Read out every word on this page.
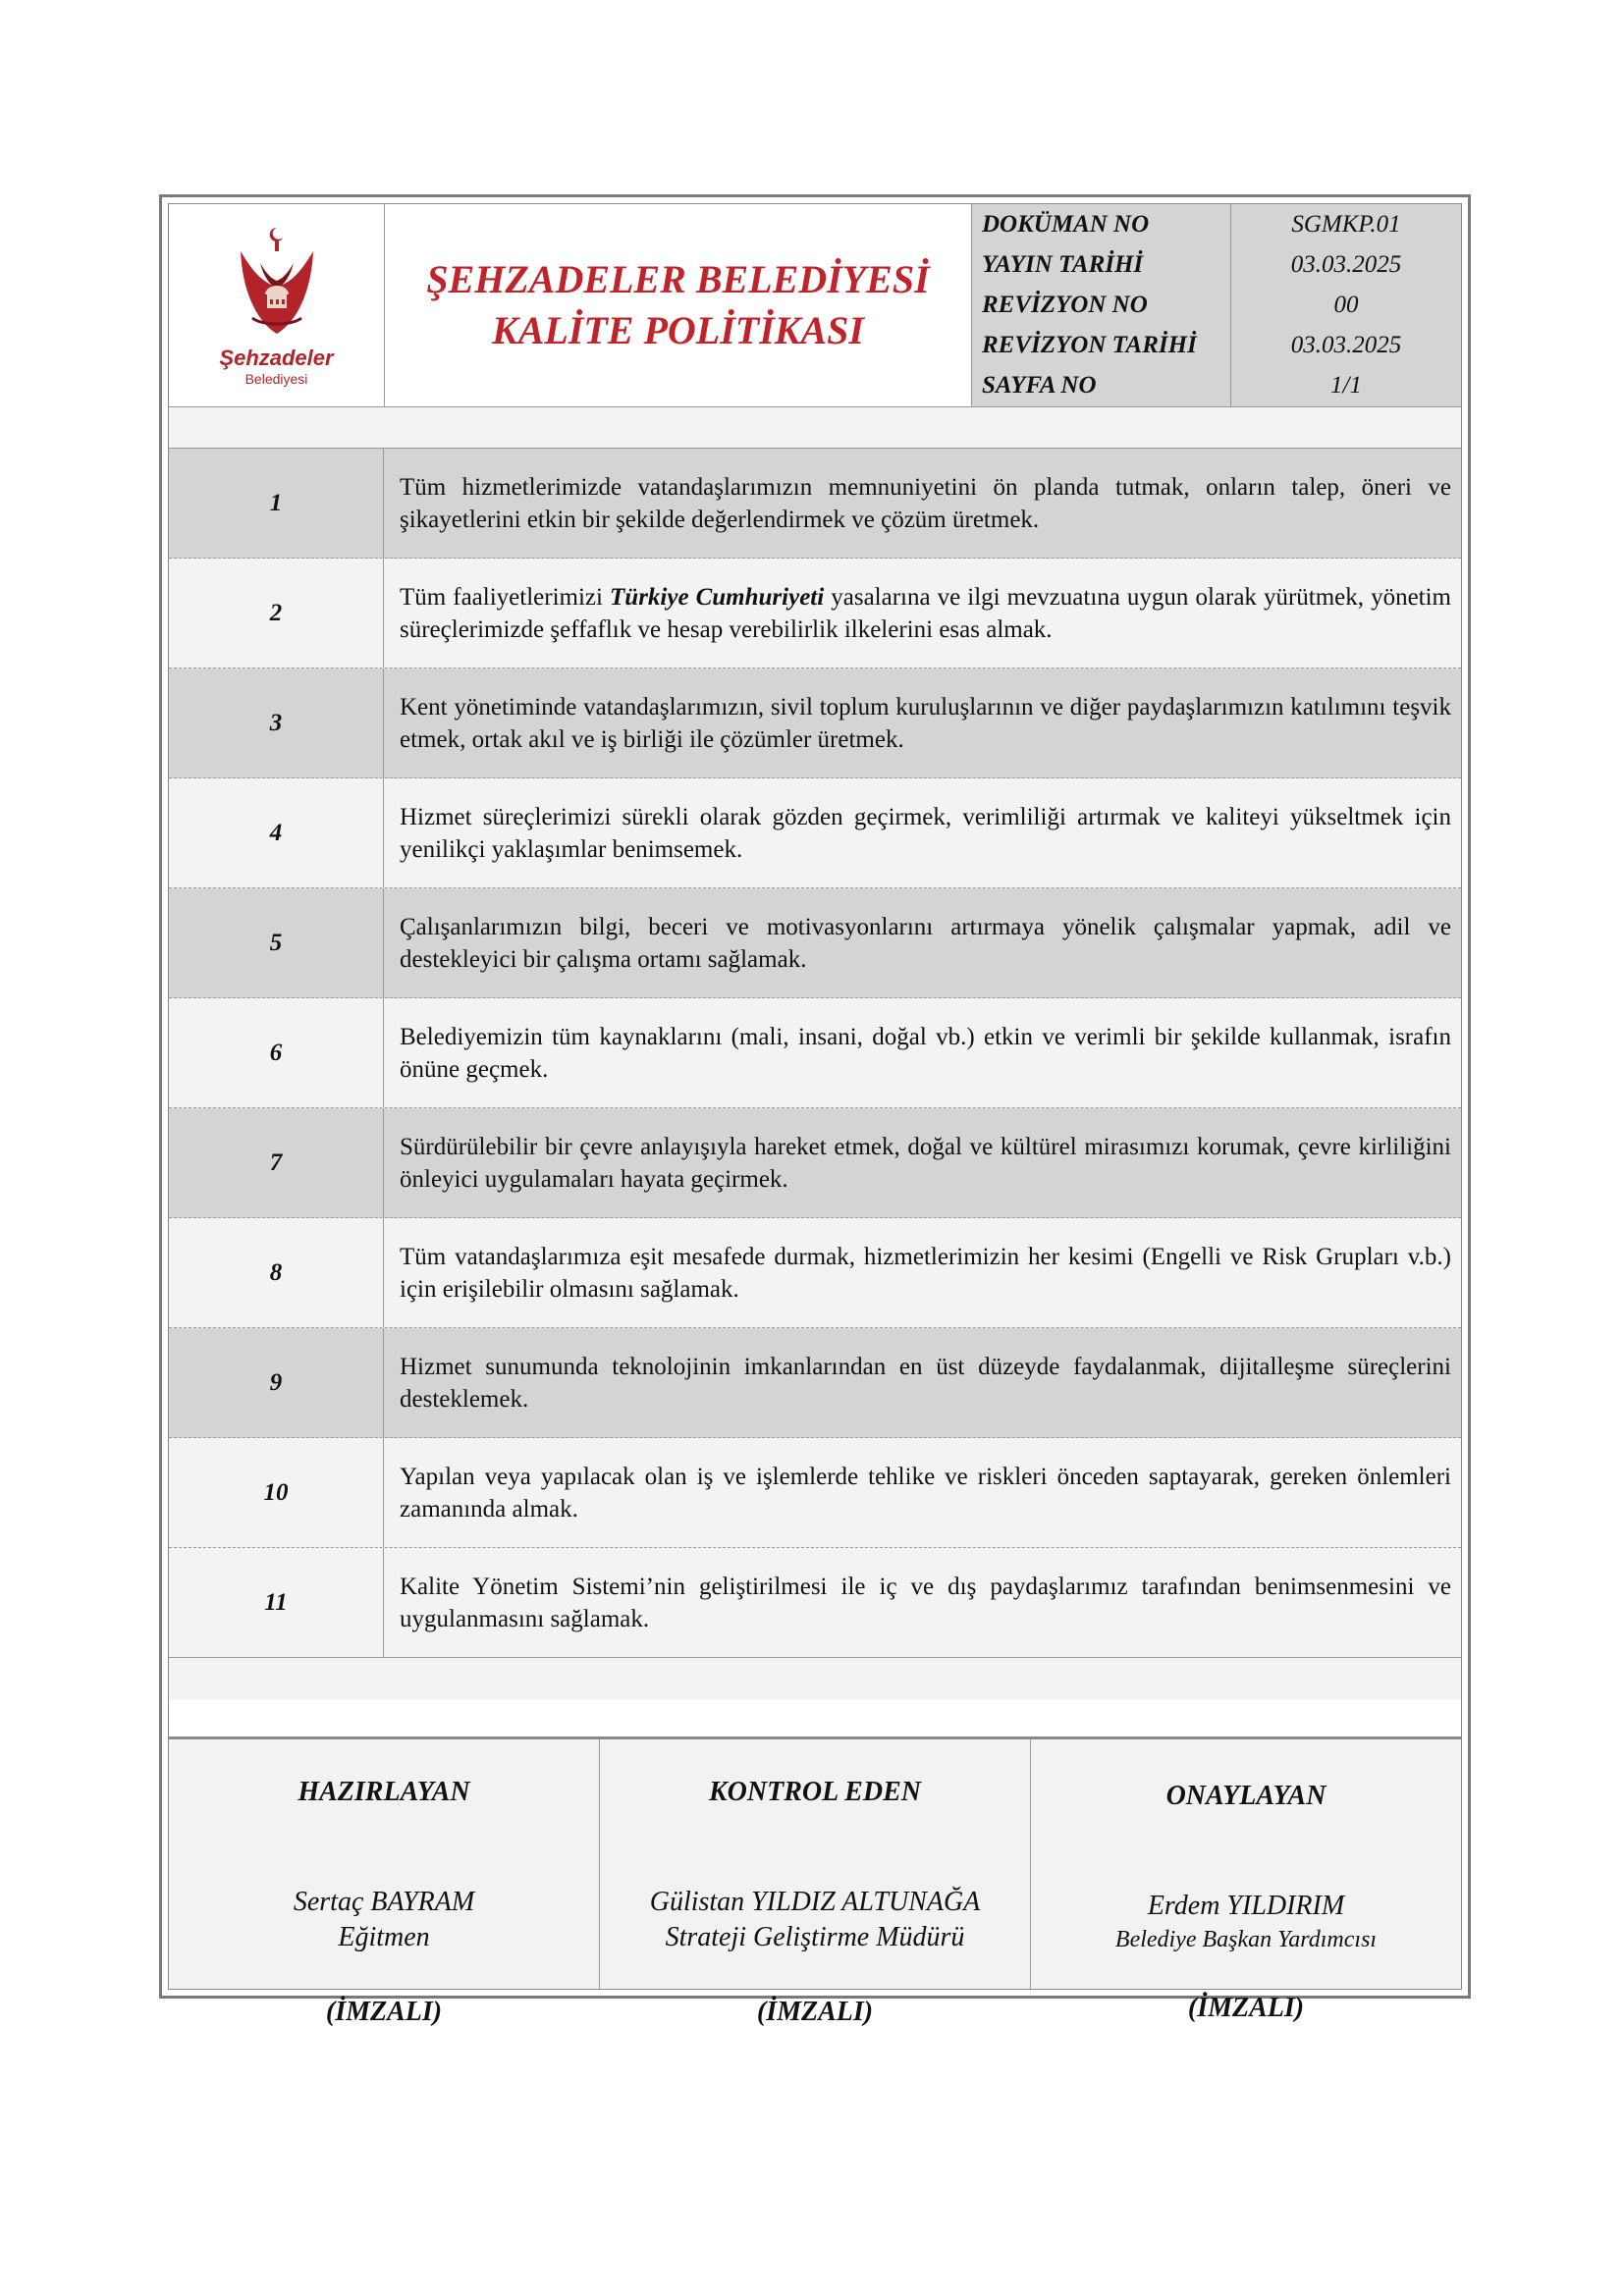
Şehzadeler
Belediyesi
ŞEHZADELER BELEDİYESİ
KALİTE POLİTİKASI
DOKÜMAN NO	SGMKP.01
YAYIN TARİHİ	03.03.2025
REVİZYON NO	00
REVİZYON TARİHİ	03.03.2025
SAYFA NO	1/1
1
Tüm hizmetlerimizde vatandaşlarımızın memnuniyetini ön planda tutmak, onların talep, öneri ve şikayetlerini etkin bir şekilde değerlendirmek ve çözüm üretmek.
2
Tüm faaliyetlerimizi Türkiye Cumhuriyeti yasalarına ve ilgi mevzuatına uygun olarak yürütmek, yönetim süreçlerimizde şeffaflık ve hesap verebilirlik ilkelerini esas almak.
3
Kent yönetiminde vatandaşlarımızın, sivil toplum kuruluşlarının ve diğer paydaşlarımızın katılımını teşvik etmek, ortak akıl ve iş birliği ile çözümler üretmek.
4
Hizmet süreçlerimizi sürekli olarak gözden geçirmek, verimliliği artırmak ve kaliteyi yükseltmek için yenilikçi yaklaşımlar benimsemek.
5
Çalışanlarımızın bilgi, beceri ve motivasyonlarını artırmaya yönelik çalışmalar yapmak, adil ve destekleyici bir çalışma ortamı sağlamak.
6
Belediyemizin tüm kaynaklarını (mali, insani, doğal vb.) etkin ve verimli bir şekilde kullanmak, israfın önüne geçmek.
7
Sürdürülebilir bir çevre anlayışıyla hareket etmek, doğal ve kültürel mirasımızı korumak, çevre kirliliğini önleyici uygulamaları hayata geçirmek.
8
Tüm vatandaşlarımıza eşit mesafede durmak, hizmetlerimizin her kesimi (Engelli ve Risk Grupları v.b.) için erişilebilir olmasını sağlamak.
9
Hizmet sunumunda teknolojinin imkanlarından en üst düzeyde faydalanmak, dijitalleşme süreçlerini desteklemek.
10
Yapılan veya yapılacak olan iş ve işlemlerde tehlike ve riskleri önceden saptayarak, gereken önlemleri zamanında almak.
11
Kalite Yönetim Sistemi’nin geliştirilmesi ile iç ve dış paydaşlarımız tarafından benimsenmesini ve uygulanmasını sağlamak.
HAZIRLAYAN
Sertaç BAYRAM
Eğitmen
(İMZALI)
KONTROL EDEN
Gülistan YILDIZ ALTUNAĞA
Strateji Geliştirme Müdürü
(İMZALI)
ONAYLAYAN
Erdem YILDIRIM
Belediye Başkan Yardımcısı
(İMZALI)
